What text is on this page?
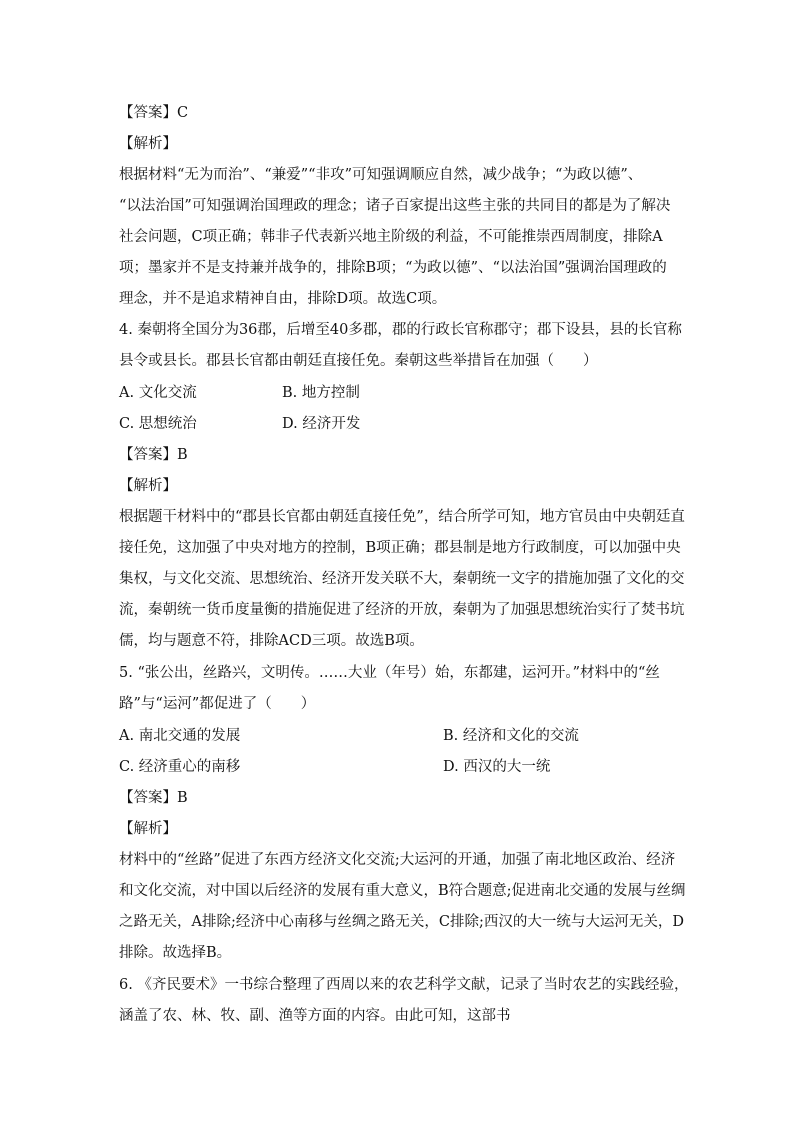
【答案】C
【解析】
根据材料“无为而治”、“兼爱”“非攻”可知强调顺应自然，减少战争；“为政以德”、
“以法治国”可知强调治国理政的理念；诸子百家提出这些主张的共同目的都是为了解决
社会问题，C项正确；韩非子代表新兴地主阶级的利益，不可能推崇西周制度，排除A
项；墨家并不是支持兼并战争的，排除B项；“为政以德”、“以法治国”强调治国理政的
理念，并不是追求精神自由，排除D项。故选C项。
4. 秦朝将全国分为36郡，后增至40多郡，郡的行政长官称郡守；郡下设县，县的长官称
县令或县长。郡县长官都由朝廷直接任免。秦朝这些举措旨在加强（　　）
A. 文化交流	B. 地方控制
C. 思想统治	D. 经济开发
【答案】B
【解析】
根据题干材料中的“郡县长官都由朝廷直接任免”，结合所学可知，地方官员由中央朝廷直
接任免，这加强了中央对地方的控制，B项正确；郡县制是地方行政制度，可以加强中央
集权，与文化交流、思想统治、经济开发关联不大，秦朝统一文字的措施加强了文化的交
流，秦朝统一货币度量衡的措施促进了经济的开放，秦朝为了加强思想统治实行了焚书坑
儒，均与题意不符，排除ACD三项。故选B项。
5. “张公出，丝路兴，文明传。……大业（年号）始，东都建，运河开。”材料中的“丝
路”与“运河”都促进了（　　）
A. 南北交通的发展	B. 经济和文化的交流
C. 经济重心的南移	D. 西汉的大一统
【答案】B
【解析】
材料中的“丝路”促进了东西方经济文化交流;大运河的开通，加强了南北地区政治、经济
和文化交流，对中国以后经济的发展有重大意义，B符合题意;促进南北交通的发展与丝绸
之路无关，A排除;经济中心南移与丝绸之路无关，C排除;西汉的大一统与大运河无关，D
排除。故选择B。
6. 《齐民要术》一书综合整理了西周以来的农艺科学文献，记录了当时农艺的实践经验，
涵盖了农、林、牧、副、渔等方面的内容。由此可知，这部书
